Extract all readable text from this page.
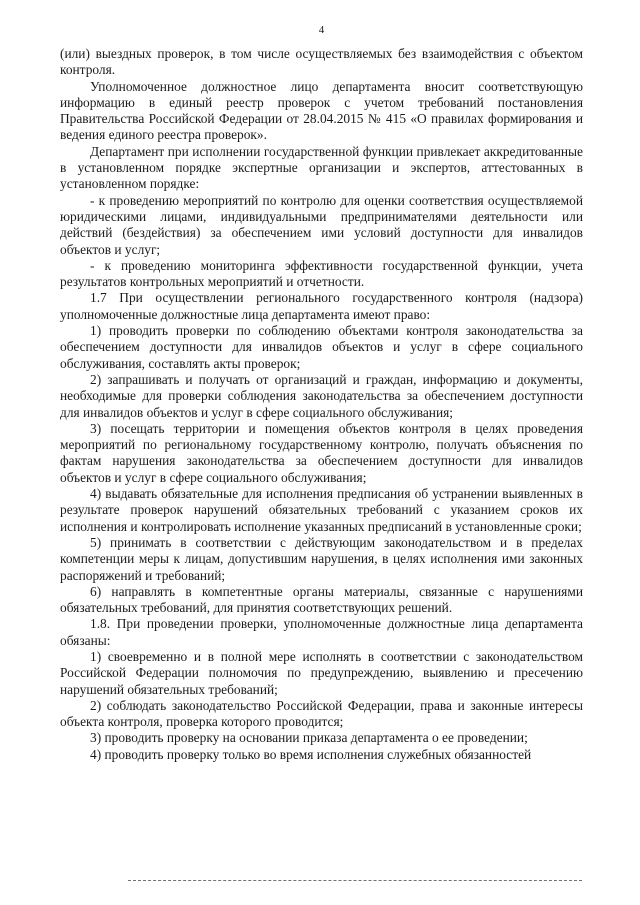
4

(или) выездных проверок, в том числе осуществляемых без взаимодействия с объектом контроля.

Уполномоченное должностное лицо департамента вносит соответствующую информацию в единый реестр проверок с учетом требований постановления Правительства Российской Федерации от 28.04.2015 № 415 «О правилах формирования и ведения единого реестра проверок».

Департамент при исполнении государственной функции привлекает аккредитованные в установленном порядке экспертные организации и экспертов, аттестованных в установленном порядке:

- к проведению мероприятий по контролю для оценки соответствия осуществляемой юридическими лицами, индивидуальными предпринимателями деятельности или действий (бездействия) за обеспечением ими условий доступности для инвалидов объектов и услуг;

- к проведению мониторинга эффективности государственной функции, учета результатов контрольных мероприятий и отчетности.

1.7 При осуществлении регионального государственного контроля (надзора) уполномоченные должностные лица департамента имеют право:

1) проводить проверки по соблюдению объектами контроля законодательства за обеспечением доступности для инвалидов объектов и услуг в сфере социального обслуживания, составлять акты проверок;

2) запрашивать и получать от организаций и граждан, информацию и документы, необходимые для проверки соблюдения законодательства за обеспечением доступности для инвалидов объектов и услуг в сфере социального обслуживания;

3) посещать территории и помещения объектов контроля в целях проведения мероприятий по региональному государственному контролю, получать объяснения по фактам нарушения законодательства за обеспечением доступности для инвалидов объектов и услуг в сфере социального обслуживания;

4) выдавать обязательные для исполнения предписания об устранении выявленных в результате проверок нарушений обязательных требований с указанием сроков их исполнения и контролировать исполнение указанных предписаний в установленные сроки;

5) принимать в соответствии с действующим законодательством и в пределах компетенции меры к лицам, допустившим нарушения, в целях исполнения ими законных распоряжений и требований;

6) направлять в компетентные органы материалы, связанные с нарушениями обязательных требований, для принятия соответствующих решений.

1.8. При проведении проверки, уполномоченные должностные лица департамента обязаны:

1) своевременно и в полной мере исполнять в соответствии с законодательством Российской Федерации полномочия по предупреждению, выявлению и пресечению нарушений обязательных требований;

2) соблюдать законодательство Российской Федерации, права и законные интересы объекта контроля, проверка которого проводится;

3) проводить проверку на основании приказа департамента о ее проведении;

4) проводить проверку только во время исполнения служебных обязанностей
